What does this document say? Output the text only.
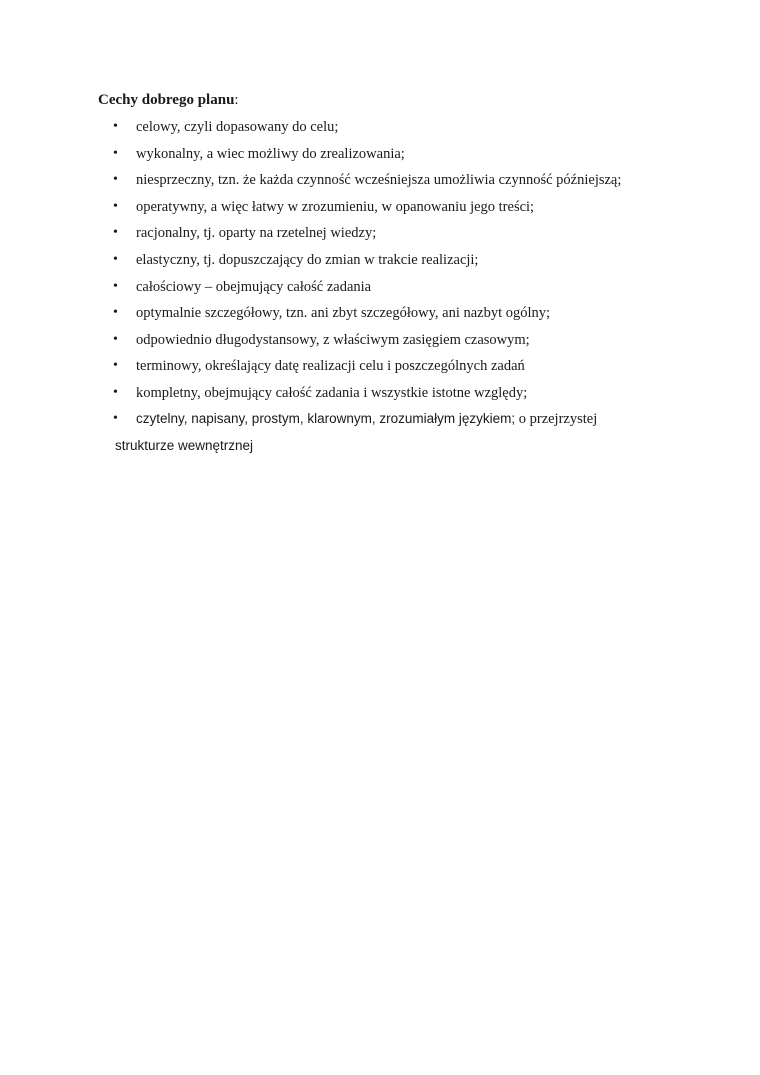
Cechy dobrego planu:
• celowy, czyli dopasowany do celu;
• wykonalny, a wiec możliwy do zrealizowania;
• niesprzeczny, tzn. że każda czynność wcześniejsza umożliwia czynność późniejszą;
• operatywny, a więc łatwy w zrozumieniu, w opanowaniu jego treści;
• racjonalny, tj. oparty na rzetelnej wiedzy;
• elastyczny, tj. dopuszczający do zmian w trakcie realizacji;
• całościowy – obejmujący całość zadania
• optymalnie szczegółowy, tzn. ani zbyt szczegółowy, ani nazbyt ogólny;
• odpowiednio długodystansowy, z właściwym zasięgiem czasowym;
• terminowy, określający datę realizacji celu i poszczególnych zadań
• kompletny, obejmujący całość zadania i wszystkie istotne względy;
• czytelny, napisany, prostym, klarownym, zrozumiałym językiem; o przejrzystej
strukturze wewnętrznej
